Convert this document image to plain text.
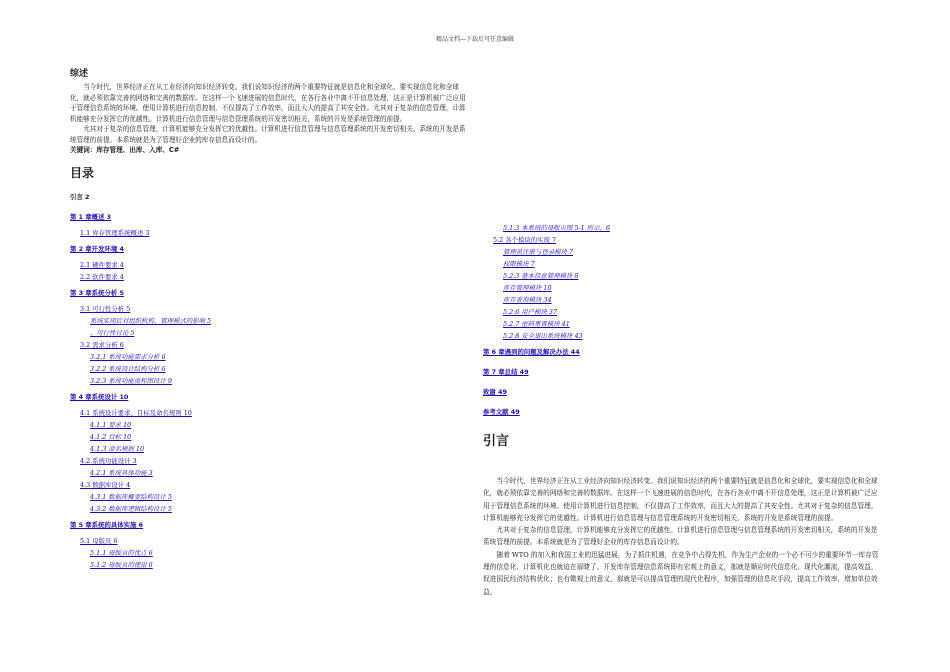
精品文档---下载后可任意编辑
综述

当今时代，世界经济正在从工业经济向知识经济转变。我们说知识经济的两个重要特征就是信息化和全球化，要实现信息化和全球化，就必须依靠完善的网络和完善的数据库。在这样一个飞速进展的信息时代，在各行各业中离不开信息处理，这正是计算机被广泛应用于管理信息系统的环境。使用计算机进行信息控制，不仅提高了工作效率，而且大大的提高了其安全性。尤其对于复杂的信息管理，计算机能够充分发挥它的优越性。计算机进行信息管理与信息管理系统的开发密切相关，系统的开发是系统管理的前提。

尤其对于复杂的信息管理，计算机能够充分发挥它的优越性。计算机进行信息管理与信息管理系统的开发密切相关，系统的开发是系统管理的前提。本系统就是为了管理好企业的库存信息而设计的。

关键词：库存管理、出库、入库、C#

目录
引言 2
第 1 章概述 3
1.1 库存管理系统概述 3
第 2 章开发环境 4
2.1 硬件要求 4
2.2 软件要求 4
第 3 章系统分析 5
3.1 可行性分析 5
系统实现后对组织机构、管理模式的影响 5
、可行性讨论 5
3.2 需求分析 6
3.2.1 系统功能需求分析 6
3.2.2 系统设计结构分析 6
3.2.3 系统功能流程图设计 9
第 4 章系统设计 10
4.1 系统设计要求、目标及命名规则 10
4.1.1 要求 10
4.1.2 目标 10
4.1.3 命名规则 10
4.2 系统功能设计 3
4.2.1 系统具体功能 3
4.3 数据库设计 4
4.3.1 数据库概要结构设计 5
4.3.2 数据库逻辑结构设计 5
第 5 章系统的具体实施 6
5.1 母版页 6
5.1.1 母版页的优点 6
5.1.2 母版页的使用 6
5.1.3 本系统的母版页图 5-1 所示。6
5.2 各个模块的实现 7
管理员注册与登录模块 7
权限模块 7
5.2.3 基本信息管理模块 8
库存管理模块 10
库存查询模块 34
5.2.6 用户模块 37
5.2.7 密码重置模块 41
5.2.8 安全退出系统模块 43
第 6 章遇到的问题及解决办法 44
第 7 章总结 49
致谢 49
参考文献 49
引言

当今时代，世界经济正在从工业经济向知识经济转变。我们说知识经济的两个重要特征就是信息化和全球化，要实现信息化和全球化，就必须依靠完善的网络和完善的数据库。在这样一个飞速进展的信息时代，在各行各业中离不开信息处理，这正是计算机被广泛应用于管理信息系统的环境。使用计算机进行信息控制，不仅提高了工作效率，而且大大的提高了其安全性。尤其对于复杂的信息管理，计算机能够充分发挥它的优越性。计算机进行信息管理与信息管理系统的开发密切相关，系统的开发是系统管理的前提。

尤其对于复杂的信息管理，计算机能够充分发挥它的优越性。计算机进行信息管理与信息管理系统的开发密切相关，系统的开发是系统管理的前提。本系统就是为了管理好企业的库存信息而设计的。

随着 WTO 的加入和我国工业的迅猛进展，为了抓住机遇，在竞争中占得先机，作为生产企业的一个必不可少的重要环节一库存管理的信息化、计算机化也就迫在眉睫了。开发库存管理信息系统即有宏观上的意义，那就是顺应时代信息化、现代化潮流，提高效益，促进国民经济结构优化；也有微观上的意义，那就是可以提高管理的现代化程序，加强管理的信息化手段，提高工作效率，增加单位效益。
